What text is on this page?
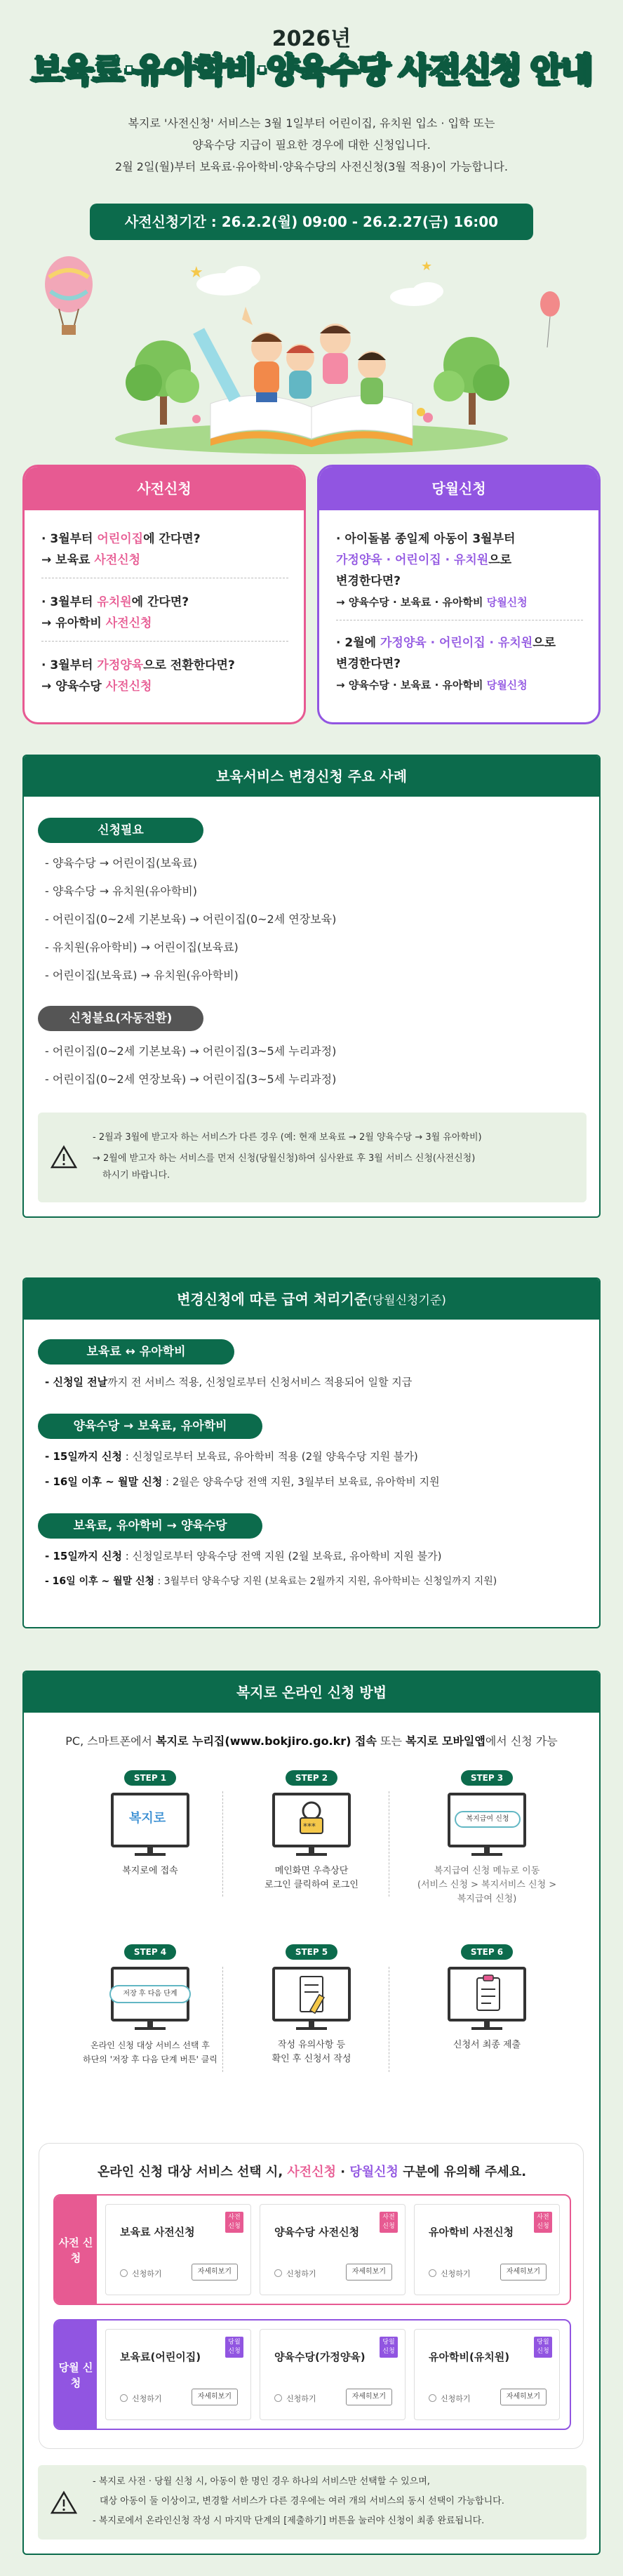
2026년
보육료·유아학비·양육수당 사전신청 안내
복지로 '사전신청' 서비스는 3월 1일부터 어린이집, 유치원 입소 · 입학 또는
양육수당 지급이 필요한 경우에 대한 신청입니다.
2월 2일(월)부터 보육료·유아학비·양육수당의 사전신청(3월 적용)이 가능합니다.
사전신청기간 : 26.2.2(월) 09:00 - 26.2.27(금) 16:00
★	★
사전신청
· 3월부터 어린이집에 간다면?
→ 보육료 사전신청
· 3월부터 유치원에 간다면?
→ 유아학비 사전신청
· 3월부터 가정양육으로 전환한다면?
→ 양육수당 사전신청
당월신청
· 아이돌봄 종일제 아동이 3월부터
가정양육 · 어린이집 · 유치원으로
변경한다면?
→ 양육수당 · 보육료 · 유아학비 당월신청
· 2월에 가정양육 · 어린이집 · 유치원으로
변경한다면?
→ 양육수당 · 보육료 · 유아학비 당월신청
보육서비스 변경신청 주요 사례
신청필요
- 양육수당 → 어린이집(보육료)
- 양육수당 → 유치원(유아학비)
- 어린이집(0~2세 기본보육) → 어린이집(0~2세 연장보육)
- 유치원(유아학비) → 어린이집(보육료)
- 어린이집(보육료) → 유치원(유아학비)
신청불요(자동전환)
- 어린이집(0~2세 기본보육) → 어린이집(3~5세 누리과정)
- 어린이집(0~2세 연장보육) → 어린이집(3~5세 누리과정)
- 2월과 3월에 받고자 하는 서비스가 다른 경우 (예: 현재 보육료 → 2월 양육수당 → 3월 유아학비)
→ 2월에 받고자 하는 서비스를 먼저 신청(당월신청)하여 심사완료 후 3월 서비스 신청(사전신청)
하시기 바랍니다.
변경신청에 따른 급여 처리기준(당월신청기준)
보육료 ↔ 유아학비
- 신청일 전날까지 전 서비스 적용, 신청일로부터 신청서비스 적용되어 일할 지급
양육수당 → 보육료, 유아학비
- 15일까지 신청 : 신청일로부터 보육료, 유아학비 적용 (2월 양육수당 지원 불가)
- 16일 이후 ~ 월말 신청 : 2월은 양육수당 전액 지원, 3월부터 보육료, 유아학비 지원
보육료, 유아학비 → 양육수당
- 15일까지 신청 : 신청일로부터 양육수당 전액 지원 (2월 보육료, 유아학비 지원 불가)
- 16일 이후 ~ 월말 신청 : 3월부터 양육수당 지원 (보육료는 2월까지 지원, 유아학비는 신청일까지 지원)
복지로 온라인 신청 방법
PC, 스마트폰에서 복지로 누리집(www.bokjiro.go.kr) 접속 또는 복지로 모바일앱에서 신청 가능
STEP 1
복지로
복지로에 접속
STEP 2
***
메인화면 우측상단
로그인 클릭하여 로그인
STEP 3
복지급여 신청
복지급여 신청 메뉴로 이동
(서비스 신청 > 복지서비스 신청 >
복지급여 신청)
STEP 4
저장 후 다음 단계
온라인 신청 대상 서비스 선택 후
하단의 '저장 후 다음 단계 버튼' 클릭
STEP 5
작성 유의사항 등
확인 후 신청서 작성
STEP 6
신청서 최종 제출
- 복지로 사전 · 당월 신청 시, 아동이 한 명인 경우 하나의 서비스만 선택할 수 있으며,
대상 아동이 둘 이상이고, 변경할 서비스가 다른 경우에는 여러 개의 서비스의 동시 선택이 가능합니다.
- 복지로에서 온라인신청 작성 시 마지막 단계의 [제출하기] 버튼을 눌러야 신청이 최종 완료됩니다.
온라인 신청 대상 서비스 선택 시, 사전신청 · 당월신청 구분에 유의해 주세요.
사전 신청
보육료 사전신청
사전 신청
신청하기	자세히보기
양육수당 사전신청
사전 신청
신청하기	자세히보기
유아학비 사전신청
사전 신청
신청하기	자세히보기
당월 신청
보육료(어린이집)
당월 신청
신청하기	자세히보기
양육수당(가정양육)
당월 신청
신청하기	자세히보기
유아학비(유치원)
당월 신청
신청하기	자세히보기
